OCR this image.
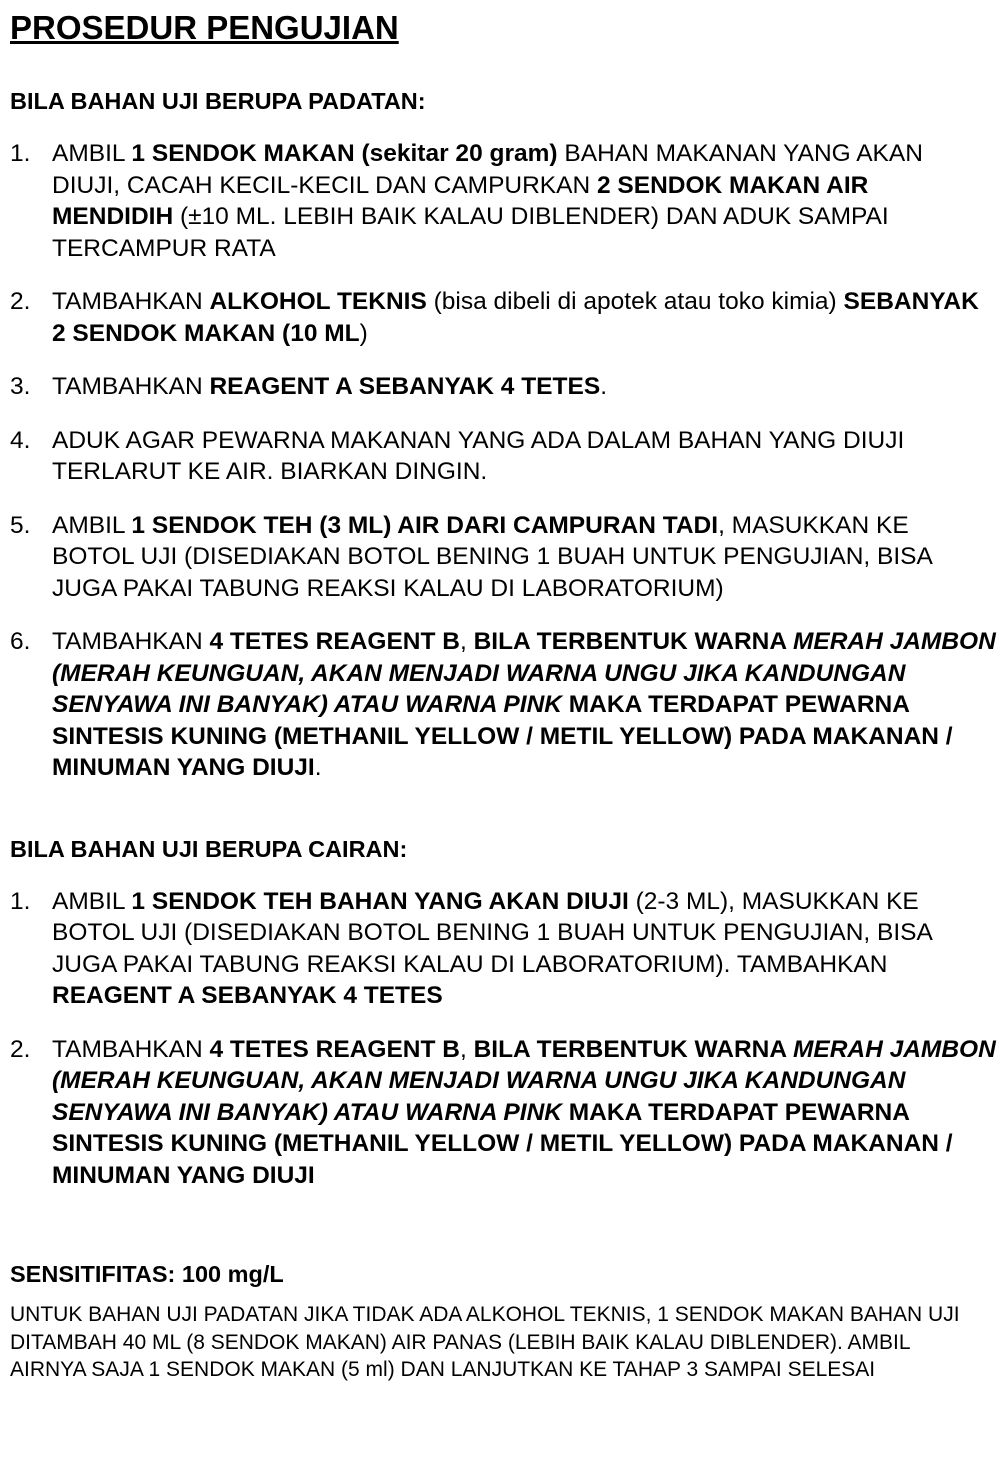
PROSEDUR PENGUJIAN
BILA BAHAN UJI BERUPA PADATAN:
1. AMBIL 1 SENDOK MAKAN (sekitar 20 gram) BAHAN MAKANAN YANG AKAN DIUJI, CACAH KECIL-KECIL DAN CAMPURKAN 2 SENDOK MAKAN AIR MENDIDIH (±10 ML. LEBIH BAIK KALAU DIBLENDER) DAN ADUK SAMPAI TERCAMPUR RATA
2. TAMBAHKAN ALKOHOL TEKNIS (bisa dibeli di apotek atau toko kimia) SEBANYAK 2 SENDOK MAKAN (10 ML)
3. TAMBAHKAN REAGENT A SEBANYAK 4 TETES.
4. ADUK AGAR PEWARNA MAKANAN YANG ADA DALAM BAHAN YANG DIUJI TERLARUT KE AIR. BIARKAN DINGIN.
5. AMBIL 1 SENDOK TEH (3 ML) AIR DARI CAMPURAN TADI, MASUKKAN KE BOTOL UJI (DISEDIAKAN BOTOL BENING 1 BUAH UNTUK PENGUJIAN, BISA JUGA PAKAI TABUNG REAKSI KALAU DI LABORATORIUM)
6. TAMBAHKAN 4 TETES REAGENT B, BILA TERBENTUK WARNA MERAH JAMBON (MERAH KEUNGUAN, AKAN MENJADI WARNA UNGU JIKA KANDUNGAN SENYAWA INI BANYAK) ATAU WARNA PINK MAKA TERDAPAT PEWARNA SINTESIS KUNING (METHANIL YELLOW / METIL YELLOW) PADA MAKANAN / MINUMAN YANG DIUJI.
BILA BAHAN UJI BERUPA CAIRAN:
1. AMBIL 1 SENDOK TEH BAHAN YANG AKAN DIUJI (2-3 ML), MASUKKAN KE BOTOL UJI (DISEDIAKAN BOTOL BENING 1 BUAH UNTUK PENGUJIAN, BISA JUGA PAKAI TABUNG REAKSI KALAU DI LABORATORIUM). TAMBAHKAN REAGENT A SEBANYAK 4 TETES
2. TAMBAHKAN 4 TETES REAGENT B, BILA TERBENTUK WARNA MERAH JAMBON (MERAH KEUNGUAN, AKAN MENJADI WARNA UNGU JIKA KANDUNGAN SENYAWA INI BANYAK) ATAU WARNA PINK MAKA TERDAPAT PEWARNA SINTESIS KUNING (METHANIL YELLOW / METIL YELLOW) PADA MAKANAN / MINUMAN YANG DIUJI
SENSITIFITAS: 100 mg/L

UNTUK BAHAN UJI PADATAN JIKA TIDAK ADA ALKOHOL TEKNIS, 1 SENDOK MAKAN BAHAN UJI DITAMBAH 40 ML (8 SENDOK MAKAN) AIR PANAS (LEBIH BAIK KALAU DIBLENDER). AMBIL AIRNYA SAJA 1 SENDOK MAKAN (5 ml) DAN LANJUTKAN KE TAHAP 3 SAMPAI SELESAI
